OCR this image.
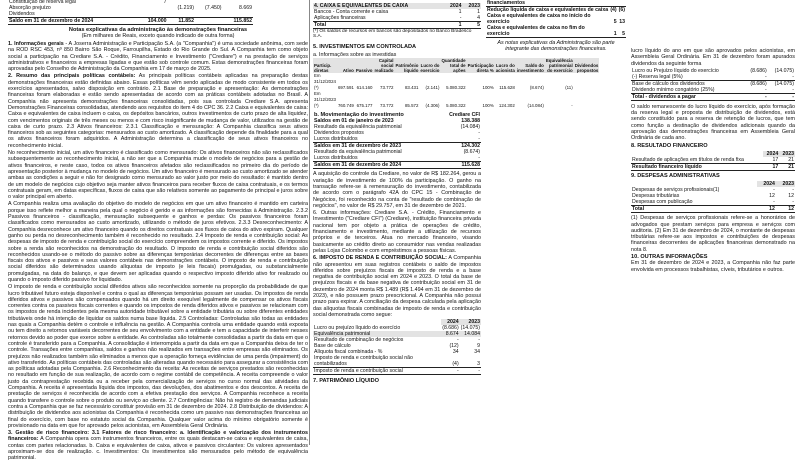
Constituição de reserva legal	7			
Absorção prejuízo		(1.219)	(7.450)	8.669
Dividendos				
Saldo em 31 de dezembro de 2024	104.000	11.852		115.852
Notas explicativas da administração às demonstrações financeiras
(Em milhares de Reais, exceto quando indicado de outra forma)

1. Informações gerais - A Joserra Administração e Participação S.A. (a "Companhia") é uma sociedade anônima, com sede na ROD RSC 453, nº 850 Bairro São Roque, Farroupilha, Estado do Rio Grande do Sul. A Companhia tem como objeto social a participação na Crediare S.A. - Crédito, Financiamento e Investimento ("Crediare") e na prestação de serviços administrativos e financeiros a empresas ligadas e que estão sob controle comum. Estas demonstrações financeiras foram aprovadas pelo Conselho de Administração da Companhia em 17 de março de 2025.

2. Resumo das principais políticas contábeis: As principais políticas contábeis aplicadas na preparação destas demonstrações financeiras estão definidas abaixo. Essas políticas vêm sendo aplicadas de modo consistente em todos os exercícios apresentados, salvo disposição em contrário. 2.1 Base de preparação e apresentação: As demonstrações financeiras foram elaboradas e estão sendo apresentadas de acordo com as práticas contábeis adotadas no Brasil. A Companhia não apresenta demonstrações financeiras consolidadas, pois sua controlada Crediare S.A. apresenta Demonstrações Financeiras consolidadas, atendendo aos requisitos do item 4 do CPC 36. 2.2 Caixa e equivalentes de caixa: Caixa e equivalentes de caixa incluem o caixa, os depósitos bancários, outros investimentos de curto prazo de alta liquidez, com vencimentos originais de três meses ou menos e com risco insignificante de mudança de valor, utilizados na gestão de caixa de curto prazo. 2.3 Ativos financeiros: 2.3.1 Classificação e mensuração: A Companhia classifica seus ativos financeiros sob as seguintes categorias: mensurados ao custo amortizado. A classificação depende da finalidade para a qual os ativos financeiros foram adquiridos. A Administração determina a classificação de seus ativos financeiros no reconhecimento inicial.

No reconhecimento inicial, um ativo financeiro é classificado como mensurado: Os ativos financeiros não são reclassificados subsequentemente ao reconhecimento inicial, a não ser que a Companhia mude o modelo de negócios para a gestão de ativos financeiros, e neste caso, todos os ativos financeiros afetados são reclassificados no primeiro dia do período de apresentação posterior à mudança no modelo de negócios. Um ativo financeiro é mensurado ao custo amortizado se atender ambas as condições a seguir e não for designado como mensurado ao valor justo por meio do resultado: é mantido dentro de um modelo de negócios cujo objetivo seja manter ativos financeiros para receber fluxos de caixa contratuais, e os termos contratuais geram, em datas específicas, fluxos de caixa que são relativos somente ao pagamento de principal e juros sobre o valor principal em aberto.

A Companhia realiza uma avaliação do objetivo do modelo de negócios em que um ativo financeiro é mantido em carteira porque isso reflete melhor a maneira pela qual o negócio é gerido e as informações são fornecidas à Administração. 2.3.2 Passivos financeiros - classificação, mensuração subsequente e ganhos e perdas: Os passivos financeiros foram classificados como mensurados ao custo amortizado, utilizando o método de juros efetivos. 2.3.3 Desreconhecimento: A Companhia desreconhece um ativo financeiro quando os direitos contratuais aos fluxos de caixa do ativo expiram. Qualquer ganho ou perda no desreconhecimento também é reconhecido no resultado. 2.4 Imposto de renda e contribuição social: As despesas de imposto de renda e contribuição social do exercício compreendem os impostos corrente e diferido. Os impostos sobre a renda são reconhecidos na demonstração do resultado. O imposto de renda e contribuição social diferidos são reconhecidos usando-se o método do passivo sobre as diferenças temporárias decorrentes de diferenças entre as bases fiscais dos ativos e passivos e seus valores contábeis nas demonstrações contábeis. O imposto de renda e contribuição social diferidos são determinados usando alíquotas de imposto (e leis fiscais) promulgadas, ou substancialmente promulgadas, na data do balanço, e que devem ser aplicadas quando o respectivo imposto diferido ativo for realizado ou quando o imposto diferido passivo for liquidado.

O imposto de renda e contribuição social diferidos ativos são reconhecidos somente na proporção da probabilidade de que lucro tributável futuro esteja disponível e contra o qual as diferenças temporárias possam ser usadas. Os impostos de renda diferidos ativos e passivos são compensados quando há um direito exequível legalmente de compensar os ativos fiscais correntes contra os passivos fiscais correntes e quando os impostos de renda diferidos ativos e passivos se relacionam com os impostos de renda incidentes pela mesma autoridade tributável sobre a entidade tributária ou sobre diferentes entidades tributáveis onde há intenção de liquidar os saldos numa base líquida. 2.5 Controladas: Controladas são todas as entidades nas quais a Companhia detém o controle e influência na gestão. A Companhia controla uma entidade quando está exposta ou tem direito a retornos variáveis decorrentes de seu envolvimento com a entidade e tem a capacidade de interferir nesses retornos devido ao poder que exerce sobre a entidade. As controladas são totalmente consolidadas a partir da data em que o controle é transferido para a Companhia. A consolidação é interrompida a partir da data em que a Companhia deixa de ter o controle. Transações entre companhias, saldos e ganhos não realizados em transações entre empresas são eliminados. Os prejuízos não realizados também são eliminados a menos que a operação forneça evidências de uma perda (impairment) do ativo transferido. As políticas contábeis das controladas são alteradas quando necessário para assegurar a consistência com as políticas adotadas pela Companhia. 2.6 Reconhecimento da receita: As receitas de serviços prestados são reconhecidas no resultado em função de sua realização, de acordo com o regime contábil de competência. A receita compreende o valor justo da contraprestação recebida ou a receber pela comercialização de serviços no curso normal das atividades da Companhia. A receita é apresentada líquida dos impostos, das devoluções, dos abatimentos e dos descontos. A receita de prestação de serviços é reconhecida de acordo com a efetiva prestação dos serviços. A Companhia reconhece a receita quando transfere o controle sobre o produto ou serviço ao cliente. 2.7 Contingências: Não há registro de demandas judiciais contra a Companhia que se faz necessário constituir provisão em 31 de dezembro de 2024. 2.8 Distribuição de dividendos: A distribuição de dividendos aos acionistas da Companhia é reconhecida como um passivo nas demonstrações financeiras ao final do exercício, com base no estatuto social da Companhia. Qualquer valor acima do mínimo obrigatório somente é provisionado na data em que for aprovado pelos acionistas, em Assembleia Geral Ordinária.

3. Gestão de risco financeiro: 3.1 Fatores de risco financeiro: a. Identificação e valorização dos instrumentos financeiros: A Companhia opera com instrumentos financeiros, entre os quais destacam-se caixa e equivalentes de caixa, contas com partes relacionadas. b. Caixa e equivalentes de caixa, ativos e passivos circulantes: Os valores apresentados aproximam-se dos de realização. c. Investimentos: Os investimentos são mensurados pelo método de equivalência patrimonial.

4. CAIXA E EQUIVALENTES DE CAIXA	2024	2023
Bancos - Conta corrente e caixa	1	1
Aplicações financeiras	-	4
Total	1	5
(*) Os saldos de recursos em bancos são depositados no Banco Bradesco S.A.
5. INVESTIMENTOS EM CONTROLADA
a. Informações sobre as investidas
Particip. diretas	Ativo	Passivo	Capital social realizado	Patrimônio líquido	Lucro do exercício	Quantidade total de ações	Participação direta %	Lucro do acionista	Saldo do investimento	Equivalência patrimonial do exercício	Dividendos propostos
Em 31/12/2024 (*)	697.591	614.160	73.772	83.431	(2.141)	5.080.322	100%	115.628	(8.674)	(11)	
Em 31/12/2023 (*)	760.749	675.177	73.772	85.572	(4.306)	5.080.322	100%	124.302	(14.084)	-	
b. Movimentação do investimento	Crediare CFI
Saldos em 01 de janeiro de 2023	138.388
Resultado da equivalência patrimonial	(14.084)
Dividendos propostos	-
Lucros distribuídos	-
Saldos em 31 de dezembro de 2023	124.302
Resultado da equivalência patrimonial	(8.674)
Lucros distribuídos	-
Saldos em 31 de dezembro de 2024	115.628

A aquisição do controle da Crediare, no valor de R$ 182.264, gerou a variação de investimento de 100% da participação. O ganho na transação refere-se à remensuração do investimento, contabilizada de acordo com o parágrafo 42A do CPC 15 - Combinação de Negócios, foi reconhecido na conta de "resultado de combinação de negócios", no valor de R$ 29.757, em 31 de dezembro de 2021.

6. Outras informações: Crediare S.A. - Crédito, Financiamento e Investimento ("Crediare CFI") (Crediare), instituição financeira privada nacional tem por objeto a prática de operações de crédito, financiamento e investimento, mediante a utilização de recursos próprios e de terceiros. Atua no mercado financeiro, visando basicamente ao crédito direto ao consumidor nas vendas realizadas pelas Lojas Colombo e com empréstimos a pessoas físicas.

6. IMPOSTO DE RENDA E CONTRIBUIÇÃO SOCIAL: A Companhia não apresentou em suas registros contábeis o saldo de impostos diferidos sobre prejuízos fiscais de imposto de renda e a base negativa de contribuição social em 2024 e 2023. O total da base de prejuízos fiscais e da base negativa de contribuição social em 31 de dezembro de 2024 monta R$ 1.489 (R$ 1.494 em 31 de dezembro de 2023), e não possuem prazo prescricional. A Companhia não possui prazo para expirar. A conciliação da despesa calculada pela aplicação das alíquotas fiscais combinadas de imposto de renda e contribuição social demonstrada como segue:

	2024	2023
Lucro ou prejuízo líquido do exercício	(8.686)	(14.075)
Equivalência patrimonial	8.674	14.084
Resultado de combinação de negócios	-	-
Base de cálculo	(12)	9
Alíquota fiscal combinada - %	34	34
Imposto de renda e contribuição social não contabilizados	(4)	3
Imposto de renda e contribuição social	-	-
7. PATRIMÔNIO LÍQUIDO
financiamentos		
Redução líquida de caixa e equivalentes de caixa	(4)	(6)
Caixa e equivalentes de caixa no início do exercício	5	13
Caixa e equivalentes de caixa no fim do exercício	1	5
As notas explicativas da Administração são parte integrante das demonstrações financeiras.	lucro líquido do ano em que são aprovados pelos acionistas, em Assembleia Geral Ordinária. Em 31 de dezembro foram apurados dividendos da seguinte forma

Lucro ou Prejuízo líquido do exercício	(8.686)	(14.075)
(-) Reserva legal (5%)	-	-
Base de cálculo dos dividendos	(8.686)	(14.075)
Dividendo mínimo congatório (25%)	-	-
Total - dividendos a pagar	-	-

O saldo remanescente do lucro líquido do exercício, após formação da reserva legal e proposta de distribuição de dividendos, está sendo constituído para a reserva de retenção de lucros, que tem como função a destinação de dividendos adicionais quando da aprovação das demonstrações financeiras em Assembleia Geral Ordinária de cada ano.

8. RESULTADO FINANCEIRO
	2024	2023
Resultado de aplicações em títulos de renda fixa	17	21
Resultado financeiro líquido	17	21
9. DESPESAS ADMINISTRATIVAS
	2024	2023
Despesas de serviços profissionais(1)	-	-
Despesas tributárias	12	12
Despesas com publicação	-	-
Total	12	12

(1) Despesas de serviços profissionais refere-se a honorários de advogados que prestam serviços para empresa e serviços com auditoria. (2) Em 31 de dezembro de 2024, o montante de despesas tributárias refere-se aos impostos e contribuições de despesas financeiras decorrentes de aplicações financeiras demonstrado na nota 8.

10. OUTRAS INFORMAÇÕES

Em 31 de dezembro de 2024 e 2023, a Companhia não faz parte envolvida em processos trabalhistas, cíveis, tributários e outros.
